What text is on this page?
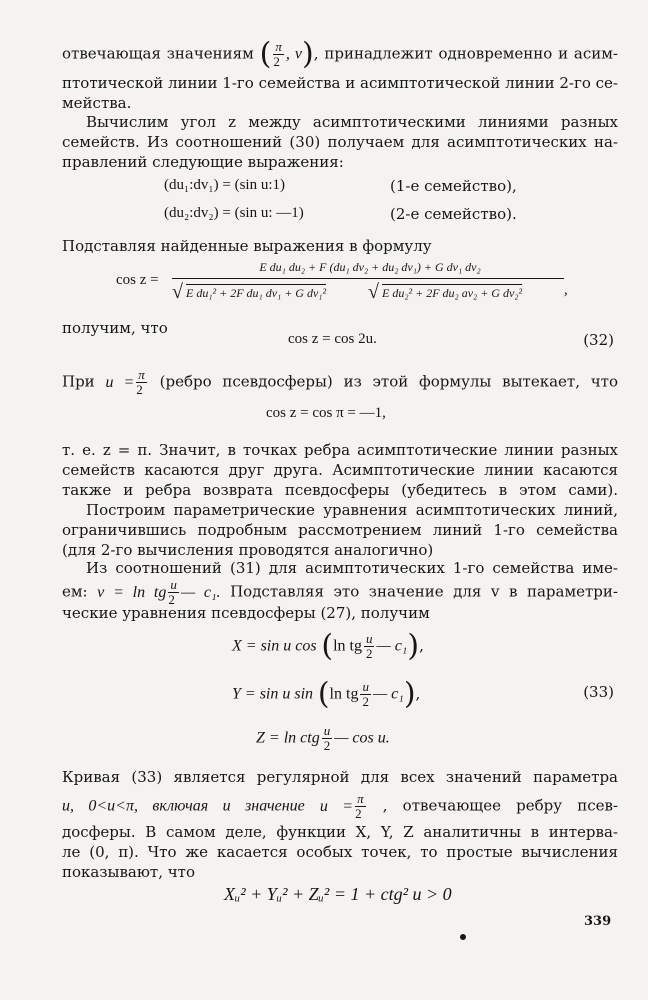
отвечающая значениям ( $\frac{\pi}{2}$ , v), принадлежит одновременно и асим-
птотической линии 1-го семейства и асимптотической линии 2-го се-
мейства.
Вычислим угол z между асимптотическими линиями разных
семейств. Из соотношений (30) получаем для асимптотических на-
правлений следующие выражения:
(du₁:dv₁) = (sin u:1)	(1-е семейство),
(du₂:dv₂) = (sin u: —1)	(2-е семейство).
Подставляя найденные выражения в формулу
cos z =
E du₁ du₂ + F (du₁ dv₂ + du₂ dv₁) + G dv₁ dv₂
√ E du₁² + 2F du₁ dv₁ + G dv₁² √ E du₂² + 2F du₂ av₂ + G dv₂²	,
получим, что
cos z = cos 2u.	(32)
При $u = \frac{\pi}{2}$ (ребро псевдосферы) из этой формулы вытекает, что
cos z = cos π = —1,
т. е. z = π. Значит, в точках ребра асимптотические линии разных
семейств касаются друг друга. Асимптотические линии касаются
также и ребра возврата псевдосферы (убедитесь в этом сами).
Построим параметрические уравнения асимптотических линий,
ограничившись подробным рассмотрением линий 1-го семейства
(для 2-го вычисления проводятся аналогично)
Из соотношений (31) для асимптотических 1-го семейства име-
ем: v = ln tg $\frac{u}{2}$ — c₁. Подставляя это значение для v в параметри-
ческие уравнения псевдосферы (27), получим
X = sin u cos (ln tg $\frac{u}{2}$ — c₁),
Y = sin u sin (ln tg $\frac{u}{2}$ — c₁),	(33)
Z = ln ctg $\frac{u}{2}$ — cos u.
Кривая (33) является регулярной для всех значений параметра
u, 0<u<π, включая и значение $u = \frac{\pi}{2}$ , отвечающее ребру псев-
досферы. В самом деле, функции X, Y, Z аналитичны в интерва-
ле (0, π). Что же касается особых точек, то простые вычисления
показывают, что
Xᵤ² + Yᵤ² + Zᵤ² = 1 + ctg² u > 0
339
